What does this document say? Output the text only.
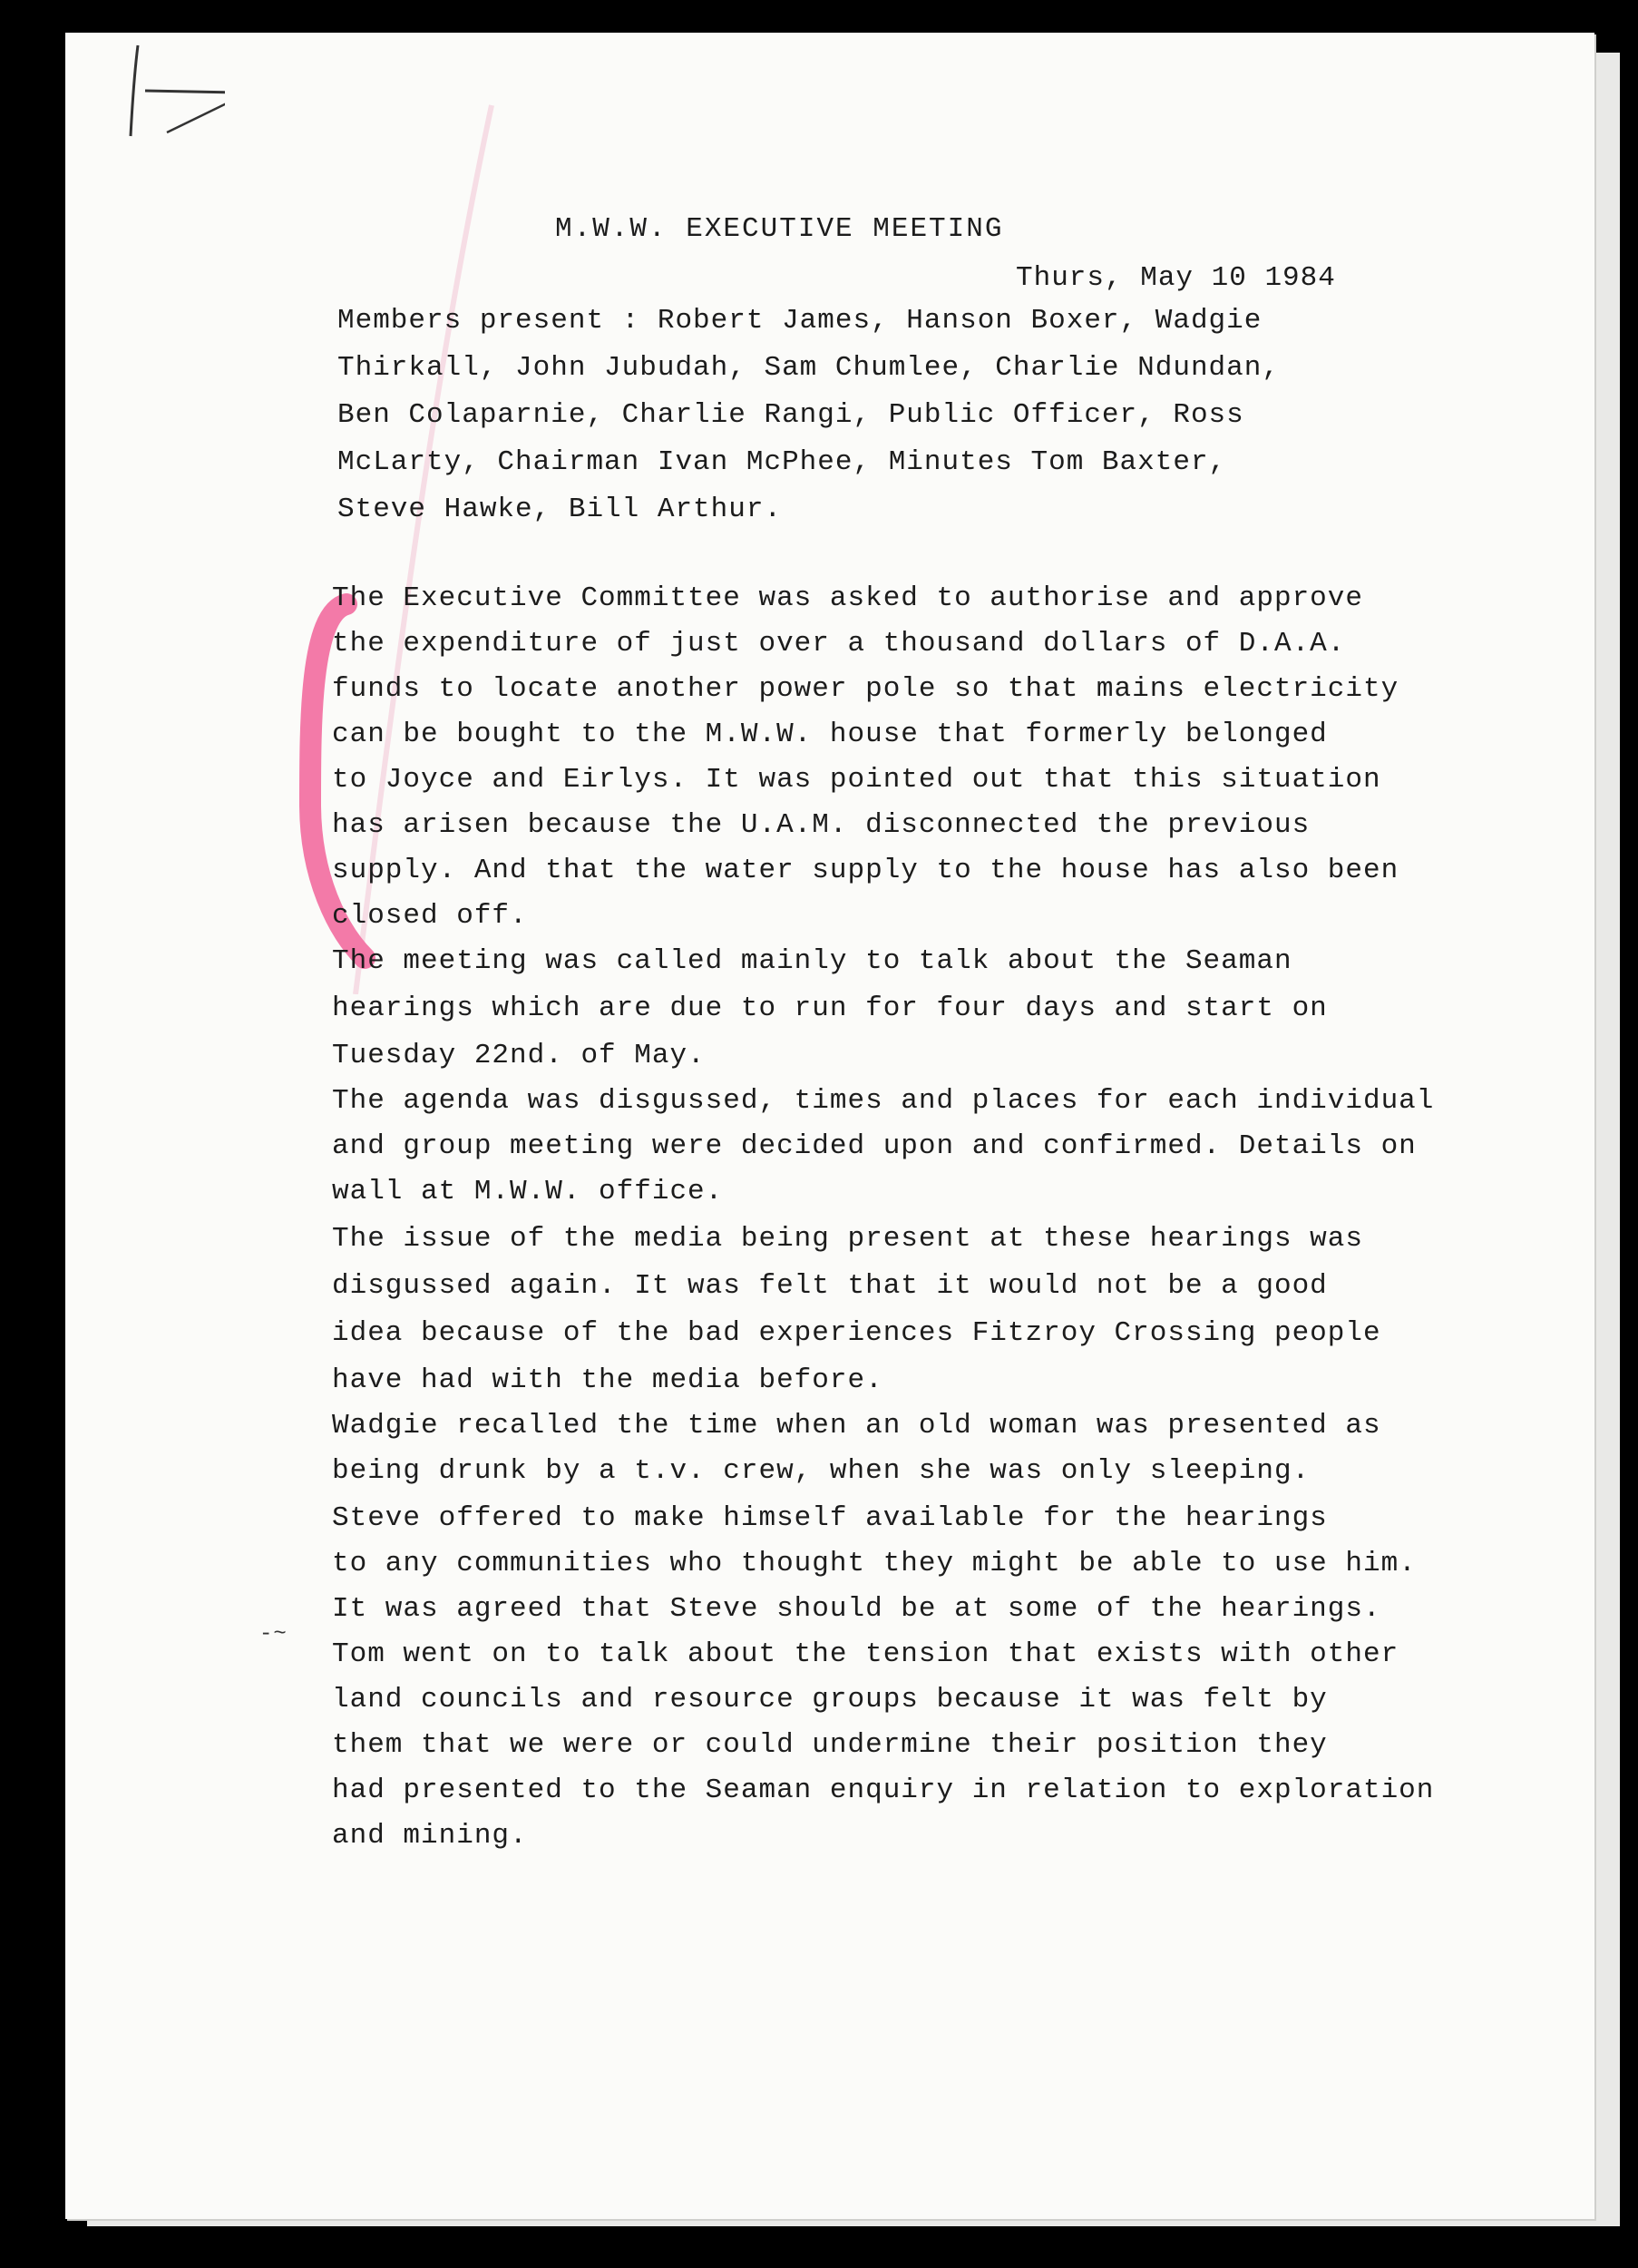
M.W.W. EXECUTIVE MEETING
Thurs, May 10 1984
Members present : Robert James, Hanson Boxer, Wadgie
Thirkall, John Jubudah, Sam Chumlee, Charlie Ndundan,
Ben Colaparnie, Charlie Rangi, Public Officer, Ross
McLarty, Chairman Ivan McPhee, Minutes Tom Baxter,
Steve Hawke, Bill Arthur.
The Executive Committee was asked to authorise and approve
the expenditure of just over a thousand dollars of D.A.A.
funds to locate another power pole so that mains electricity
can be bought to the M.W.W. house that formerly belonged
to Joyce and Eirlys. It was pointed out that this situation
has arisen because the U.A.M. disconnected the previous
supply. And that the water supply to the house has also been
closed off.
The meeting was called mainly to talk about the Seaman
hearings which are due to run for four days and start on
Tuesday 22nd. of May.
The agenda was disgussed, times and places for each individual
and group meeting were decided upon and confirmed. Details on
wall at M.W.W. office.
The issue of the media being present at these hearings was
disgussed again. It was felt that it would not be a good
idea because of the bad experiences Fitzroy Crossing people
have had with the media before.
Wadgie recalled the time when an old woman was presented as
being drunk by a t.v. crew, when she was only sleeping.
Steve offered to make himself available for the hearings
to any communities who thought they might be able to use him.
It was agreed that Steve should be at some of the hearings.
Tom went on to talk about the tension that exists with other
land councils and resource groups because it was felt by
them that we were or could undermine their position they
had presented to the Seaman enquiry in relation to exploration
and mining.
-~
